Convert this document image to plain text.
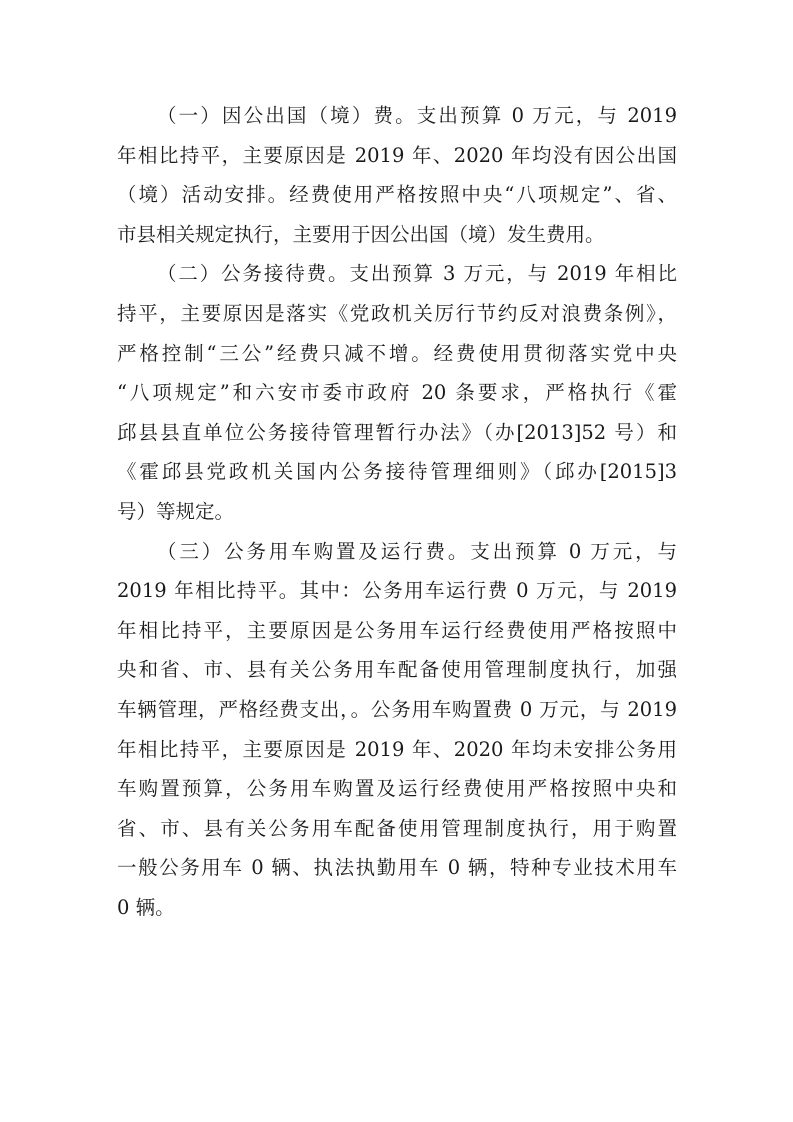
（一）因公出国（境）费。支出预算 0 万元，与 2019
年相比持平，主要原因是 2019 年、2020 年均没有因公出国
（境）活动安排。经费使用严格按照中央“八项规定”、省、
市县相关规定执行，主要用于因公出国（境）发生费用。
（二）公务接待费。支出预算 3 万元，与 2019 年相比
持平，主要原因是落实《党政机关厉行节约反对浪费条例》，
严格控制“三公”经费只减不增。经费使用贯彻落实党中央
“八项规定”和六安市委市政府 20 条要求，严格执行《霍
邱县县直单位公务接待管理暂行办法》（办[2013]52 号）和
《霍邱县党政机关国内公务接待管理细则》（邱办[2015]3
号）等规定。
（三）公务用车购置及运行费。支出预算 0 万元，与
2019 年相比持平。其中：公务用车运行费 0 万元，与 2019
年相比持平，主要原因是公务用车运行经费使用严格按照中
央和省、市、县有关公务用车配备使用管理制度执行，加强
车辆管理，严格经费支出，。公务用车购置费 0 万元，与 2019
年相比持平，主要原因是 2019 年、2020 年均未安排公务用
车购置预算，公务用车购置及运行经费使用严格按照中央和
省、市、县有关公务用车配备使用管理制度执行，用于购置
一般公务用车 0 辆、执法执勤用车 0 辆，特种专业技术用车
0 辆。
